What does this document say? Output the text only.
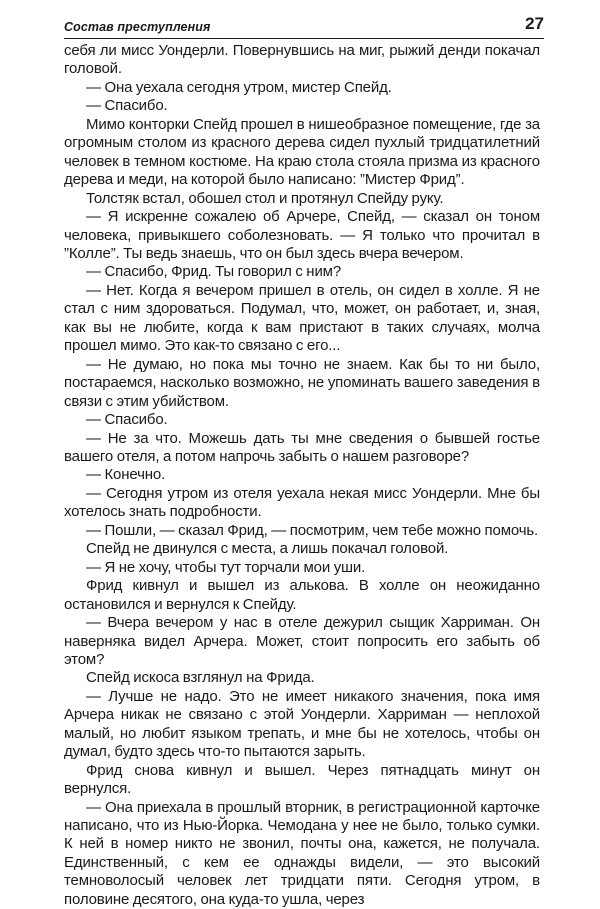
Состав преступления	27

себя ли мисс Уондерли. Повернувшись на миг, рыжий денди покачал головой.

— Она уехала сегодня утром, мистер Спейд.

— Спасибо.

Мимо конторки Спейд прошел в нишеобразное помещение, где за огромным столом из красного дерева сидел пухлый тридцатилетний человек в темном костюме. На краю стола стояла призма из красного дерева и меди, на которой было написано: ”Мистер Фрид”.

Толстяк встал, обошел стол и протянул Спейду руку.

— Я искренне сожалею об Арчере, Спейд, — сказал он тоном человека, привыкшего соболезновать. — Я только что прочитал в ”Колле”. Ты ведь знаешь, что он был здесь вчера вечером.

— Спасибо, Фрид. Ты говорил с ним?

— Нет. Когда я вечером пришел в отель, он сидел в холле. Я не стал с ним здороваться. Подумал, что, может, он работает, и, зная, как вы не любите, когда к вам пристают в таких случаях, молча прошел мимо. Это как-то связано с его...

— Не думаю, но пока мы точно не знаем. Как бы то ни было, постараемся, насколько возможно, не упоминать вашего заведения в связи с этим убийством.

— Спасибо.

— Не за что. Можешь дать ты мне сведения о бывшей гостье вашего отеля, а потом напрочь забыть о нашем разговоре?

— Конечно.

— Сегодня утром из отеля уехала некая мисс Уондерли. Мне бы хотелось знать подробности.

— Пошли, — сказал Фрид, — посмотрим, чем тебе можно помочь.

Спейд не двинулся с места, а лишь покачал головой.

— Я не хочу, чтобы тут торчали мои уши.

Фрид кивнул и вышел из алькова. В холле он неожиданно остановился и вернулся к Спейду.

— Вчера вечером у нас в отеле дежурил сыщик Харриман. Он наверняка видел Арчера. Может, стоит попросить его забыть об этом?

Спейд искоса взглянул на Фрида.

— Лучше не надо. Это не имеет никакого значения, пока имя Арчера никак не связано с этой Уондерли. Харриман — неплохой малый, но любит языком трепать, и мне бы не хотелось, чтобы он думал, будто здесь что-то пытаются зарыть.

Фрид снова кивнул и вышел. Через пятнадцать минут он вернулся.

— Она приехала в прошлый вторник, в регистрационной карточке написано, что из Нью-Йорка. Чемодана у нее не было, только сумки. К ней в номер никто не звонил, почты она, кажется, не получала. Единственный, с кем ее однажды видели, — это высокий темноволосый человек лет тридцати пяти. Сегодня утром, в половине десятого, она куда-то ушла, через
